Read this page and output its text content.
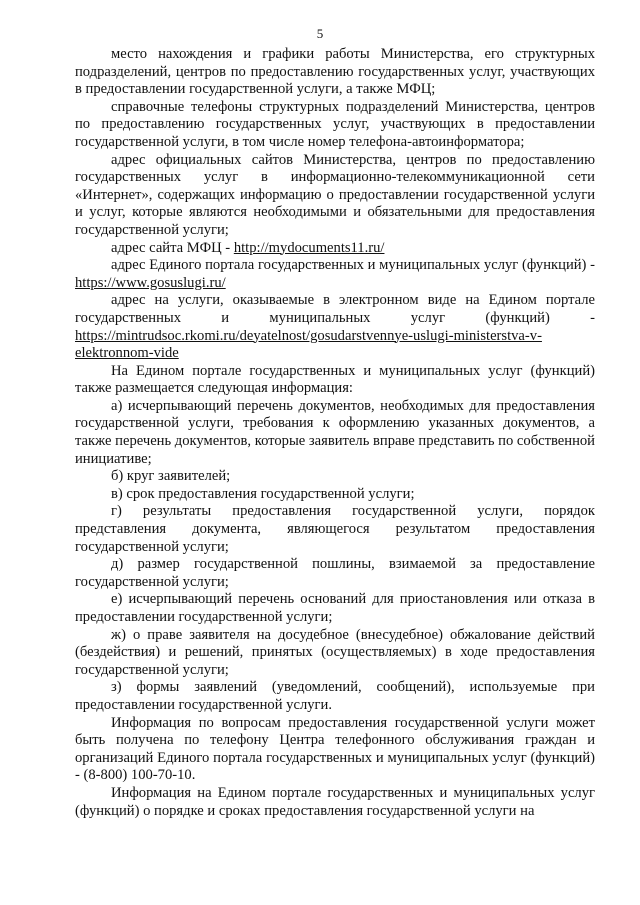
5

место нахождения и графики работы Министерства, его структурных подразделений, центров по предоставлению государственных услуг, участвующих в предоставлении государственной услуги, а также МФЦ;

справочные телефоны структурных подразделений Министерства, центров по предоставлению государственных услуг, участвующих в предоставлении государственной услуги, в том числе номер телефона-автоинформатора;

адрес официальных сайтов Министерства, центров по предоставлению государственных услуг в информационно-телекоммуникационной сети «Интернет», содержащих информацию о предоставлении государственной услуги и услуг, которые являются необходимыми и обязательными для предоставления государственной услуги;

адрес сайта МФЦ - http://mydocuments11.ru/

адрес Единого портала государственных и муниципальных услуг (функций) - https://www.gosuslugi.ru/

адрес на услуги, оказываемые в электронном виде на Едином портале государственных и муниципальных услуг (функций) - https://mintrudsoc.rkomi.ru/deyatelnost/gosudarstvennye-uslugi-ministerstva-v-elektronnom-vide

На Едином портале государственных и муниципальных услуг (функций) также размещается следующая информация:

а) исчерпывающий перечень документов, необходимых для предоставления государственной услуги, требования к оформлению указанных документов, а также перечень документов, которые заявитель вправе представить по собственной инициативе;

б) круг заявителей;

в) срок предоставления государственной услуги;

г) результаты предоставления государственной услуги, порядок представления документа, являющегося результатом предоставления государственной услуги;

д) размер государственной пошлины, взимаемой за предоставление государственной услуги;

е) исчерпывающий перечень оснований для приостановления или отказа в предоставлении государственной услуги;

ж) о праве заявителя на досудебное (внесудебное) обжалование действий (бездействия) и решений, принятых (осуществляемых) в ходе предоставления государственной услуги;

з) формы заявлений (уведомлений, сообщений), используемые при предоставлении государственной услуги.

Информация по вопросам предоставления государственной услуги может быть получена по телефону Центра телефонного обслуживания граждан и организаций Единого портала государственных и муниципальных услуг (функций) - (8-800) 100-70-10.

Информация на Едином портале государственных и муниципальных услуг (функций) о порядке и сроках предоставления государственной услуги на
